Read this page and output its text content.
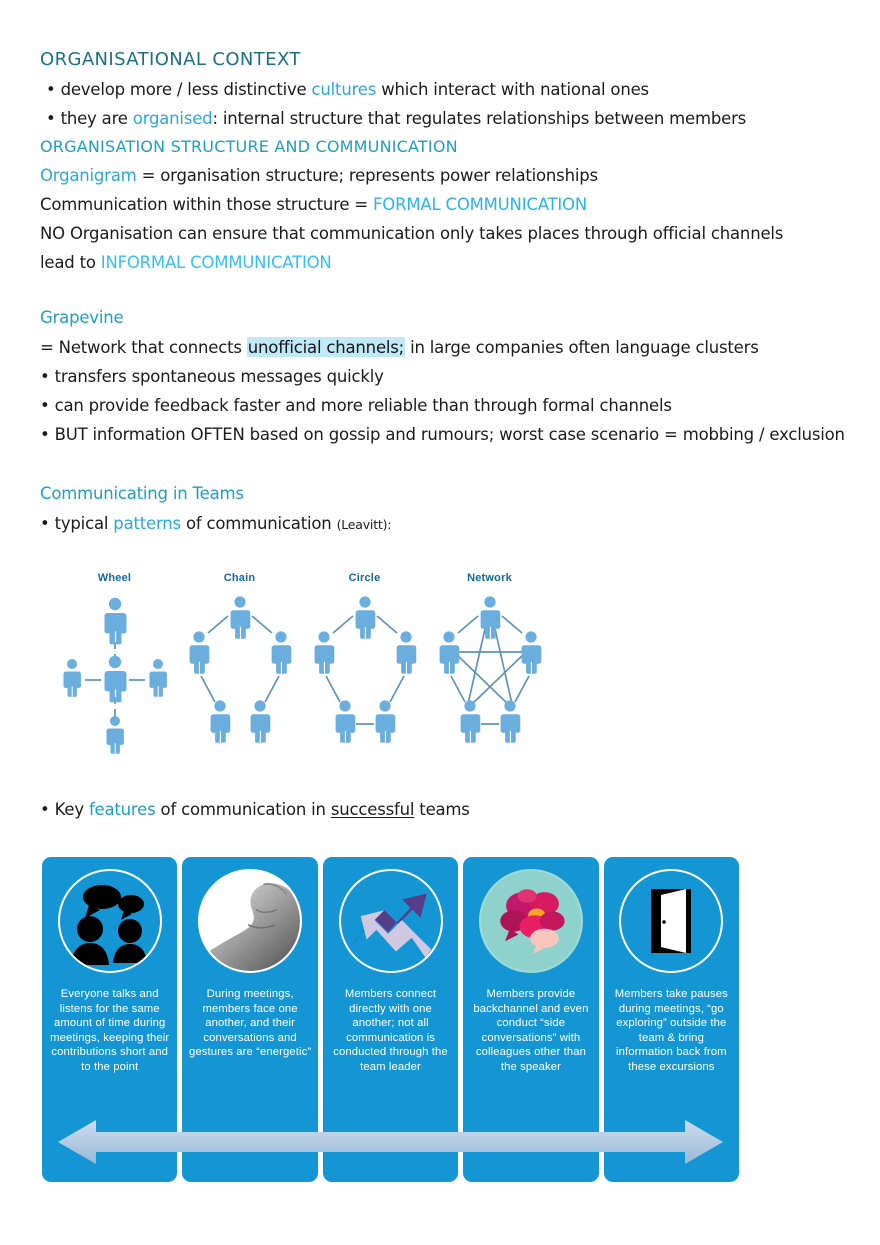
ORGANISATIONAL CONTEXT
• develop more / less distinctive cultures which interact with national ones
• they are organised: internal structure that regulates relationships between members
ORGANISATION STRUCTURE AND COMMUNICATION
Organigram = organisation structure; represents power relationships
Communication within those structure = FORMAL COMMUNICATION
NO Organisation can ensure that communication only takes places through official channels
lead to INFORMAL COMMUNICATION
Grapevine
= Network that connects unofficial channels; in large companies often language clusters
• transfers spontaneous messages quickly
• can provide feedback faster and more reliable than through formal channels
• BUT information OFTEN based on gossip and rumours; worst case scenario = mobbing / exclusion
Communicating in Teams
• typical patterns of communication (Leavitt):
Wheel	Chain	Circle	Network
• Key features of communication in successful teams
Everyone talks and listens for the same amount of time during meetings, keeping their contributions short and to the point
During meetings, members face one another, and their conversations and gestures are “energetic”
Members connect directly with one another; not all communication is conducted through the team leader
Members provide backchannel and even conduct “side conversations” with colleagues other than the speaker
Members take pauses during meetings, “go exploring” outside the team & bring information back from these excursions
